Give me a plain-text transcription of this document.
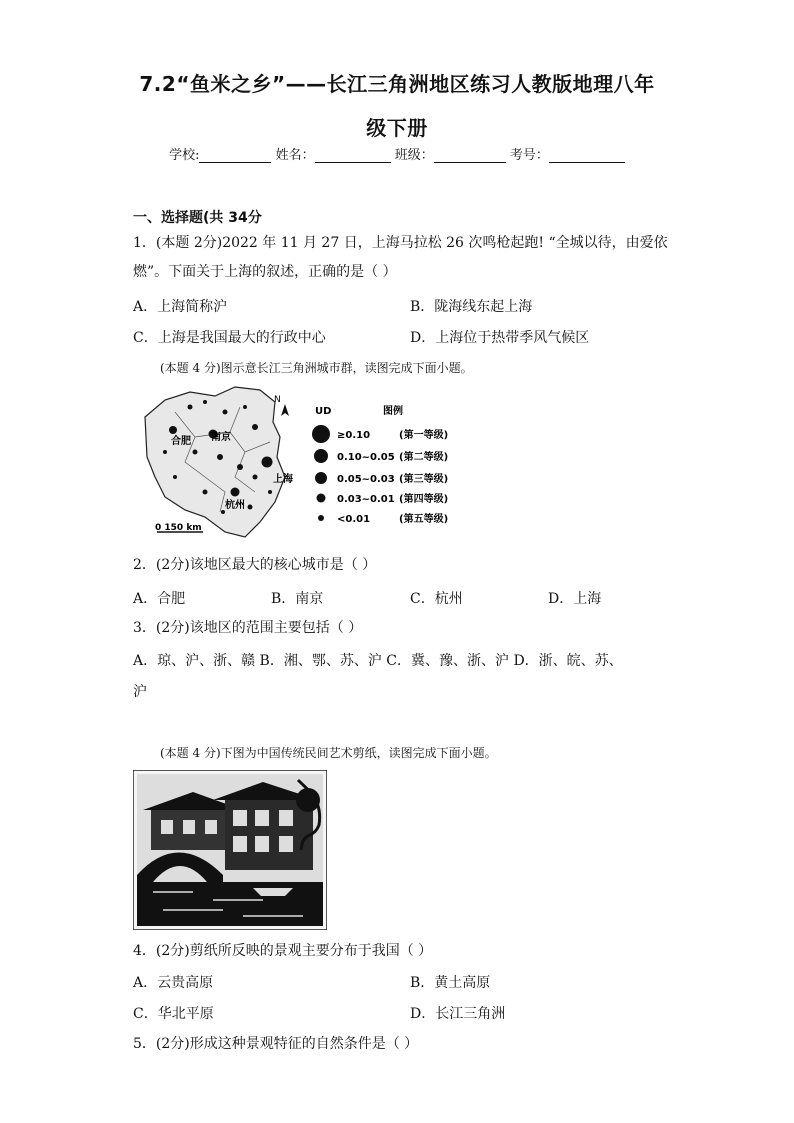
7.2“鱼米之乡”——长江三角洲地区练习人教版地理八年
级下册
学校:	姓名：	班级：	考号：
一、选择题(共 34分
1．(本题 2分)2022 年 11 月 27 日，上海马拉松 26 次鸣枪起跑! “全城以待，由爱依
燃”。下面关于上海的叙述，正确的是（ ）
A．上海简称沪	B．陇海线东起上海
C．上海是我国最大的行政中心	D．上海位于热带季风气候区
(本题 4 分)图示意长江三角洲城市群，读图完成下面小题。
合肥 南京
上海
杭州
N
0 150 km
UD	图例
≥0.10	(第一等级)
0.10~0.05 (第二等级)
0.05~0.03 (第三等级)
0.03~0.01 (第四等级)
<0.01	(第五等级)
2．(2分)该地区最大的核心城市是（ ）
A．合肥	B．南京	C．杭州	D．上海
3．(2分)该地区的范围主要包括（ ）
A．琼、沪、浙、赣 B．湘、鄂、苏、沪 C．冀、豫、浙、沪 D．浙、皖、苏、
沪
(本题 4 分)下图为中国传统民间艺术剪纸，读图完成下面小题。
4．(2分)剪纸所反映的景观主要分布于我国（ ）
A．云贵高原	B．黄土高原
C．华北平原	D．长江三角洲
5．(2分)形成这种景观特征的自然条件是（ ）
